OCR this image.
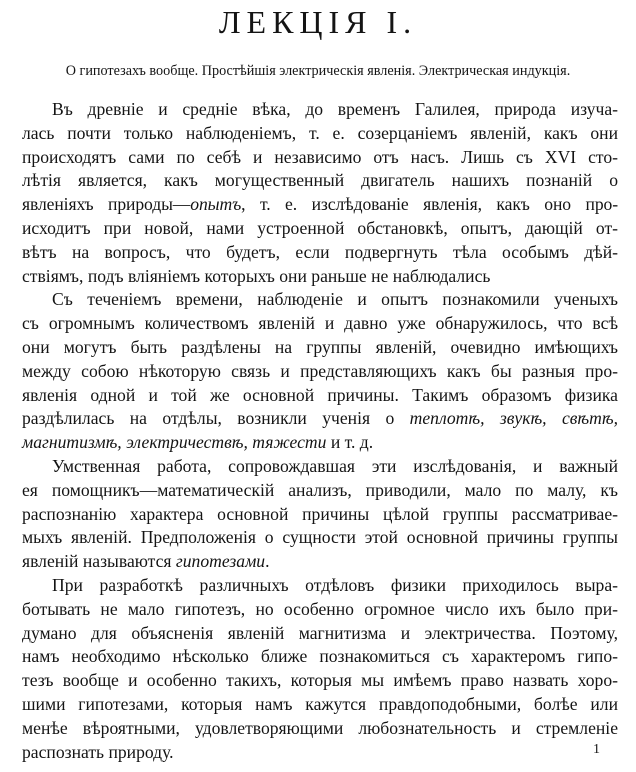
ЛЕКЦІЯ I.

О гипотезахъ вообще. Простѣйшія электрическія явленія. Электрическая индукція.

Въ древніе и средніе вѣка, до временъ Галилея, природа изуча-
лась почти только наблюденіемъ, т. е. созерцаніемъ явленій, какъ они
происходятъ сами по себѣ и независимо отъ насъ. Лишь съ XVI сто-
лѣтія является, какъ могущественный двигатель нашихъ познаній о
явленіяхъ природы—опытъ, т. е. изслѣдованіе явленія, какъ оно про-
исходитъ при новой, нами устроенной обстановкѣ, опытъ, дающій от-
вѣтъ на вопросъ, что будетъ, если подвергнуть тѣла особымъ дѣй-
ствіямъ, подъ вліяніемъ которыхъ они раньше не наблюдались
Съ теченіемъ времени, наблюденіе и опытъ познакомили ученыхъ
съ огромнымъ количествомъ явленій и давно уже обнаружилось, что всѣ
они могутъ быть раздѣлены на группы явленій, очевидно имѣющихъ
между собою нѣкоторую связь и представляющихъ какъ бы разныя про-
явленія одной и той же основной причины. Такимъ образомъ физика
раздѣлилась на отдѣлы, возникли ученія о теплотѣ, звукѣ, свѣтѣ,
магнитизмѣ, электричествѣ, тяжести и т. д.
Умственная работа, сопровождавшая эти изслѣдованія, и важный
ея помощникъ—математическій анализъ, приводили, мало по малу, къ
распознанію характера основной причины цѣлой группы рассматривае-
мыхъ явленій. Предположенія о сущности этой основной причины группы
явленій называются гипотезами.
При разработкѣ различныхъ отдѣловъ физики приходилось выра-
ботывать не мало гипотезъ, но особенно огромное число ихъ было при-
думано для объясненія явленій магнитизма и электричества. Поэтому,
намъ необходимо нѣсколько ближе познакомиться съ характеромъ гипо-
тезъ вообще и особенно такихъ, которыя мы имѣемъ право назвать хоро-
шими гипотезами, которыя намъ кажутся правдоподобными, болѣе или
менѣе вѣроятными, удовлетворяющими любознательность и стремленіе
распознать природу.	1
